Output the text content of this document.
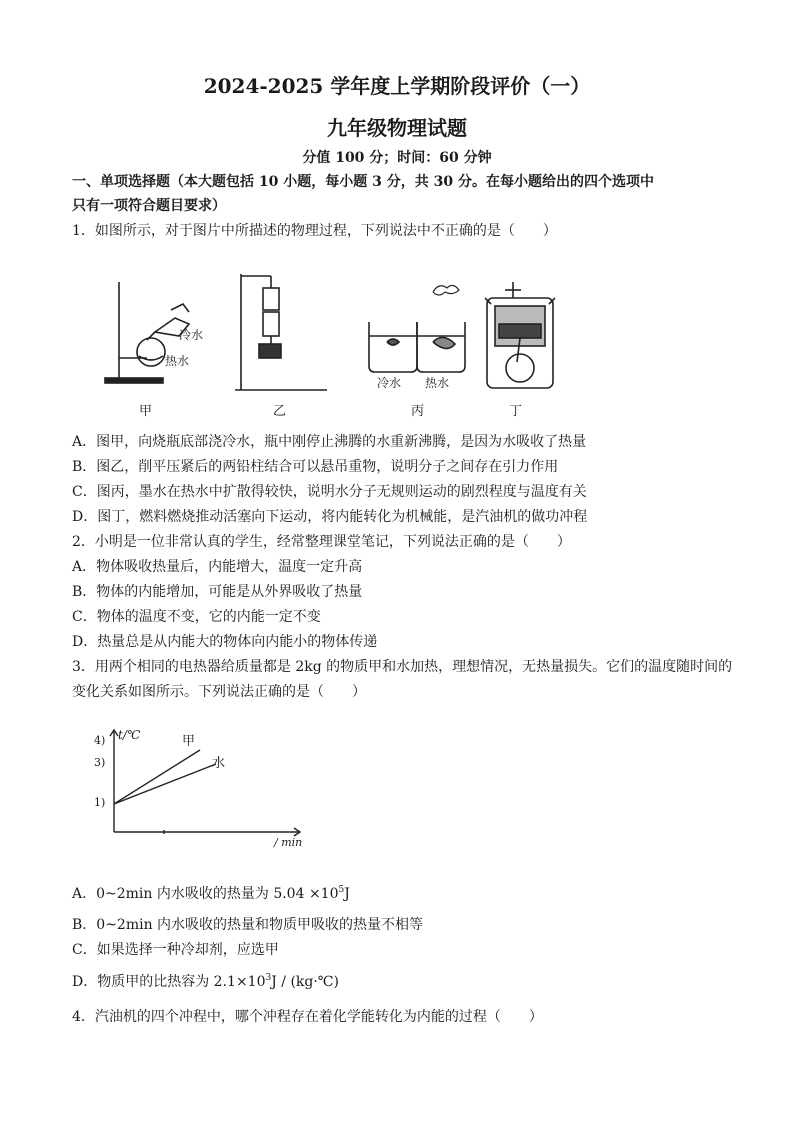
2024-2025 学年度上学期阶段评价（一）
九年级物理试题
分值 100 分；时间：60 分钟
一、单项选择题（本大题包括 10 小题，每小题 3 分，共 30 分。在每小题给出的四个选项中
只有一项符合题目要求）
1．如图所示，对于图片中所描述的物理过程，下列说法中不正确的是（　　）
冷水
热水
冷水 热水
甲	乙	丙	丁
A．图甲，向烧瓶底部浇冷水，瓶中刚停止沸腾的水重新沸腾，是因为水吸收了热量
B．图乙，削平压紧后的两铅柱结合可以悬吊重物，说明分子之间存在引力作用
C．图丙，墨水在热水中扩散得较快，说明水分子无规则运动的剧烈程度与温度有关
D．图丁，燃料燃烧推动活塞向下运动，将内能转化为机械能，是汽油机的做功冲程
2．小明是一位非常认真的学生，经常整理课堂笔记，下列说法正确的是（　　）
A．物体吸收热量后，内能增大，温度一定升高
B．物体的内能增加，可能是从外界吸收了热量
C．物体的温度不变，它的内能一定不变
D．热量总是从内能大的物体向内能小的物体传递
3．用两个相同的电热器给质量都是 2kg 的物质甲和水加热，理想情况，无热量损失。它们的温度随时间的
变化关系如图所示。下列说法正确的是（　　）
t/℃
/ min
甲
水
4)
3)
1)
A．0~2min 内水吸收的热量为 $5.04 \times 10^5J$
B．0~2min 内水吸收的热量和物质甲吸收的热量不相等
C．如果选择一种冷却剂，应选甲
D．物质甲的比热容为 $2.1\times 10^3J$ / (kg·℃)
4．汽油机的四个冲程中，哪个冲程存在着化学能转化为内能的过程（　　）
